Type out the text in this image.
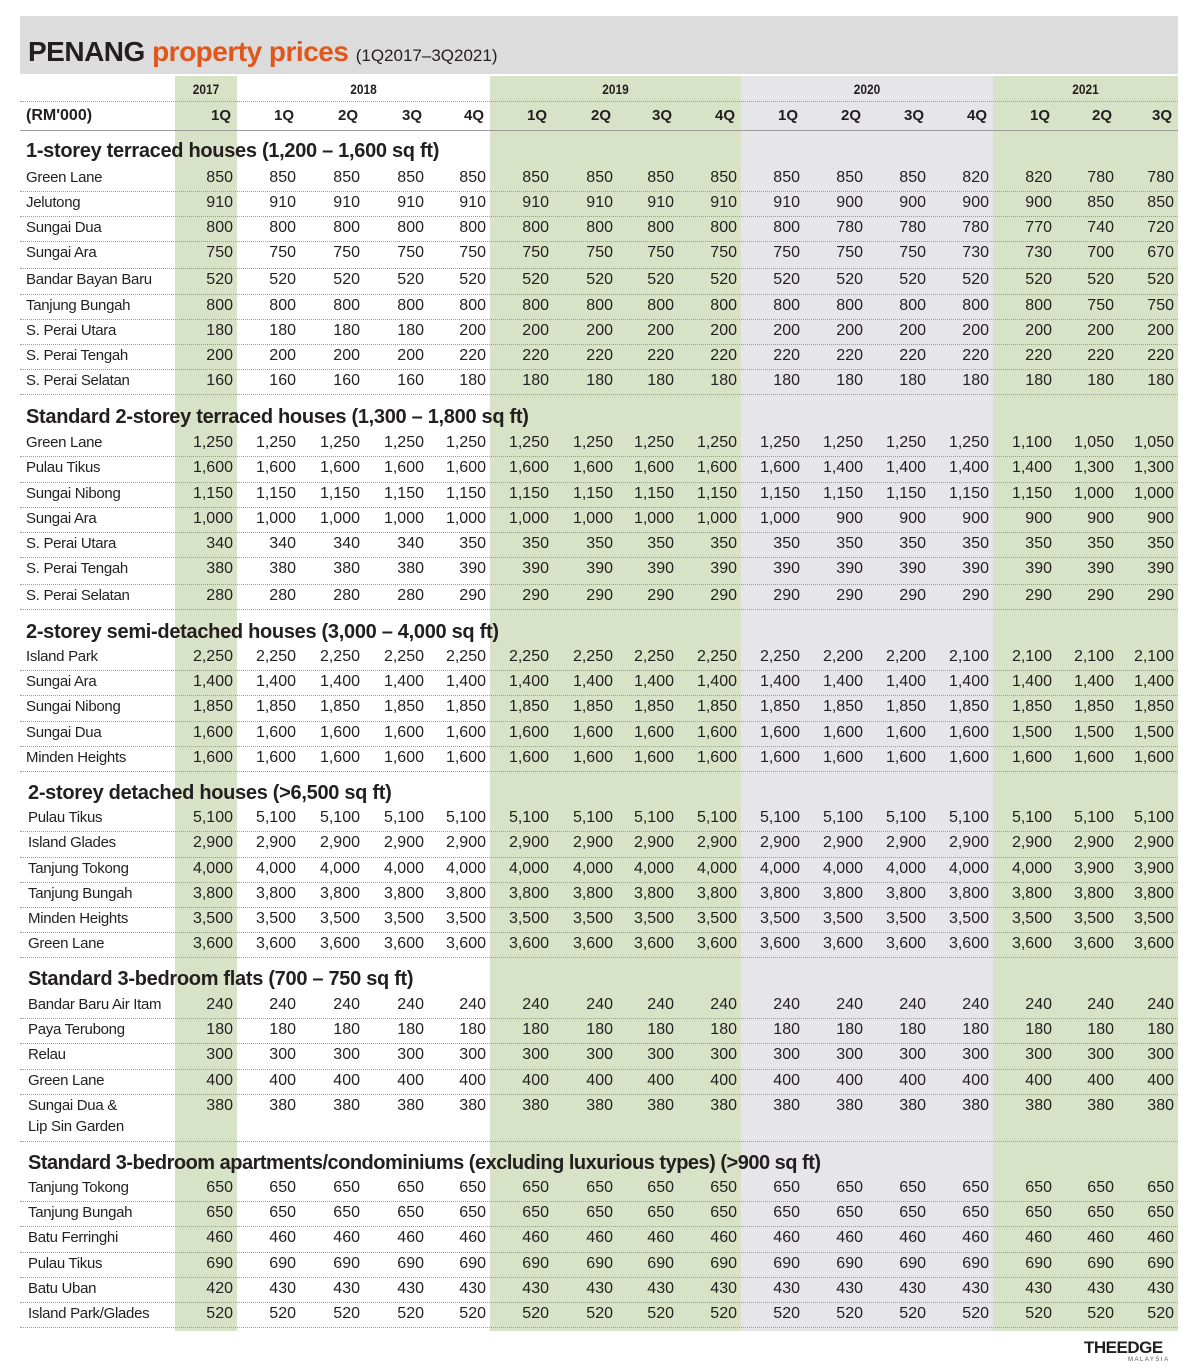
PENANG property prices (1Q2017–3Q2021)
2017	2018	2019	2020	2021
1Q	1Q	2Q	3Q	4Q	1Q	2Q	3Q	4Q	1Q	2Q	3Q	4Q	1Q	2Q	3Q
1-storey terraced houses (1,200 – 1,600 sq ft)
Green Lane	850	850	850	850	850	850	850	850	850	850	850	850	820	820	780	780
Jelutong	910	910	910	910	910	910	910	910	910	910	900	900	900	900	850	850
Sungai Dua	800	800	800	800	800	800	800	800	800	800	780	780	780	770	740	720
Sungai Ara	750	750	750	750	750	750	750	750	750	750	750	750	730	730	700	670
Bandar Bayan Baru	520	520	520	520	520	520	520	520	520	520	520	520	520	520	520	520
Tanjung Bungah	800	800	800	800	800	800	800	800	800	800	800	800	800	800	750	750
S. Perai Utara	180	180	180	180	200	200	200	200	200	200	200	200	200	200	200	200
S. Perai Tengah	200	200	200	200	220	220	220	220	220	220	220	220	220	220	220	220
S. Perai Selatan	160	160	160	160	180	180	180	180	180	180	180	180	180	180	180	180
Standard 2-storey terraced houses (1,300 – 1,800 sq ft)
Green Lane	1,250	1,250	1,250	1,250	1,250	1,250	1,250	1,250	1,250	1,250	1,250	1,250	1,250	1,100	1,050	1,050
Pulau Tikus	1,600	1,600	1,600	1,600	1,600	1,600	1,600	1,600	1,600	1,600	1,400	1,400	1,400	1,400	1,300	1,300
Sungai Nibong	1,150	1,150	1,150	1,150	1,150	1,150	1,150	1,150	1,150	1,150	1,150	1,150	1,150	1,150	1,000	1,000
Sungai Ara	1,000	1,000	1,000	1,000	1,000	1,000	1,000	1,000	1,000	1,000	900	900	900	900	900	900
S. Perai Utara	340	340	340	340	350	350	350	350	350	350	350	350	350	350	350	350
S. Perai Tengah	380	380	380	380	390	390	390	390	390	390	390	390	390	390	390	390
S. Perai Selatan	280	280	280	280	290	290	290	290	290	290	290	290	290	290	290	290
2-storey semi-detached houses (3,000 – 4,000 sq ft)
Island Park	2,250	2,250	2,250	2,250	2,250	2,250	2,250	2,250	2,250	2,250	2,200	2,200	2,100	2,100	2,100	2,100
Sungai Ara	1,400	1,400	1,400	1,400	1,400	1,400	1,400	1,400	1,400	1,400	1,400	1,400	1,400	1,400	1,400	1,400
Sungai Nibong	1,850	1,850	1,850	1,850	1,850	1,850	1,850	1,850	1,850	1,850	1,850	1,850	1,850	1,850	1,850	1,850
Sungai Dua	1,600	1,600	1,600	1,600	1,600	1,600	1,600	1,600	1,600	1,600	1,600	1,600	1,600	1,500	1,500	1,500
Minden Heights	1,600	1,600	1,600	1,600	1,600	1,600	1,600	1,600	1,600	1,600	1,600	1,600	1,600	1,600	1,600	1,600
2-storey detached houses (>6,500 sq ft)
Pulau Tikus	5,100	5,100	5,100	5,100	5,100	5,100	5,100	5,100	5,100	5,100	5,100	5,100	5,100	5,100	5,100	5,100
Island Glades	2,900	2,900	2,900	2,900	2,900	2,900	2,900	2,900	2,900	2,900	2,900	2,900	2,900	2,900	2,900	2,900
Tanjung Tokong	4,000	4,000	4,000	4,000	4,000	4,000	4,000	4,000	4,000	4,000	4,000	4,000	4,000	4,000	3,900	3,900
Tanjung Bungah	3,800	3,800	3,800	3,800	3,800	3,800	3,800	3,800	3,800	3,800	3,800	3,800	3,800	3,800	3,800	3,800
Minden Heights	3,500	3,500	3,500	3,500	3,500	3,500	3,500	3,500	3,500	3,500	3,500	3,500	3,500	3,500	3,500	3,500
Green Lane	3,600	3,600	3,600	3,600	3,600	3,600	3,600	3,600	3,600	3,600	3,600	3,600	3,600	3,600	3,600	3,600
Standard 3-bedroom flats (700 – 750 sq ft)
Bandar Baru Air Itam	240	240	240	240	240	240	240	240	240	240	240	240	240	240	240	240
Paya Terubong	180	180	180	180	180	180	180	180	180	180	180	180	180	180	180	180
Relau	300	300	300	300	300	300	300	300	300	300	300	300	300	300	300	300
Green Lane	400	400	400	400	400	400	400	400	400	400	400	400	400	400	400	400
Sungai Dua &
Lip Sin Garden
380	380	380	380	380	380	380	380	380	380	380	380	380	380	380	380
Standard 3-bedroom apartments/condominiums (excluding luxurious types) (>900 sq ft)
Tanjung Tokong	650	650	650	650	650	650	650	650	650	650	650	650	650	650	650	650
Tanjung Bungah	650	650	650	650	650	650	650	650	650	650	650	650	650	650	650	650
Batu Ferringhi	460	460	460	460	460	460	460	460	460	460	460	460	460	460	460	460
Pulau Tikus	690	690	690	690	690	690	690	690	690	690	690	690	690	690	690	690
Batu Uban	420	430	430	430	430	430	430	430	430	430	430	430	430	430	430	430
Island Park/Glades	520	520	520	520	520	520	520	520	520	520	520	520	520	520	520	520
(RM'000)
THEEDGE
MALAYSIA
